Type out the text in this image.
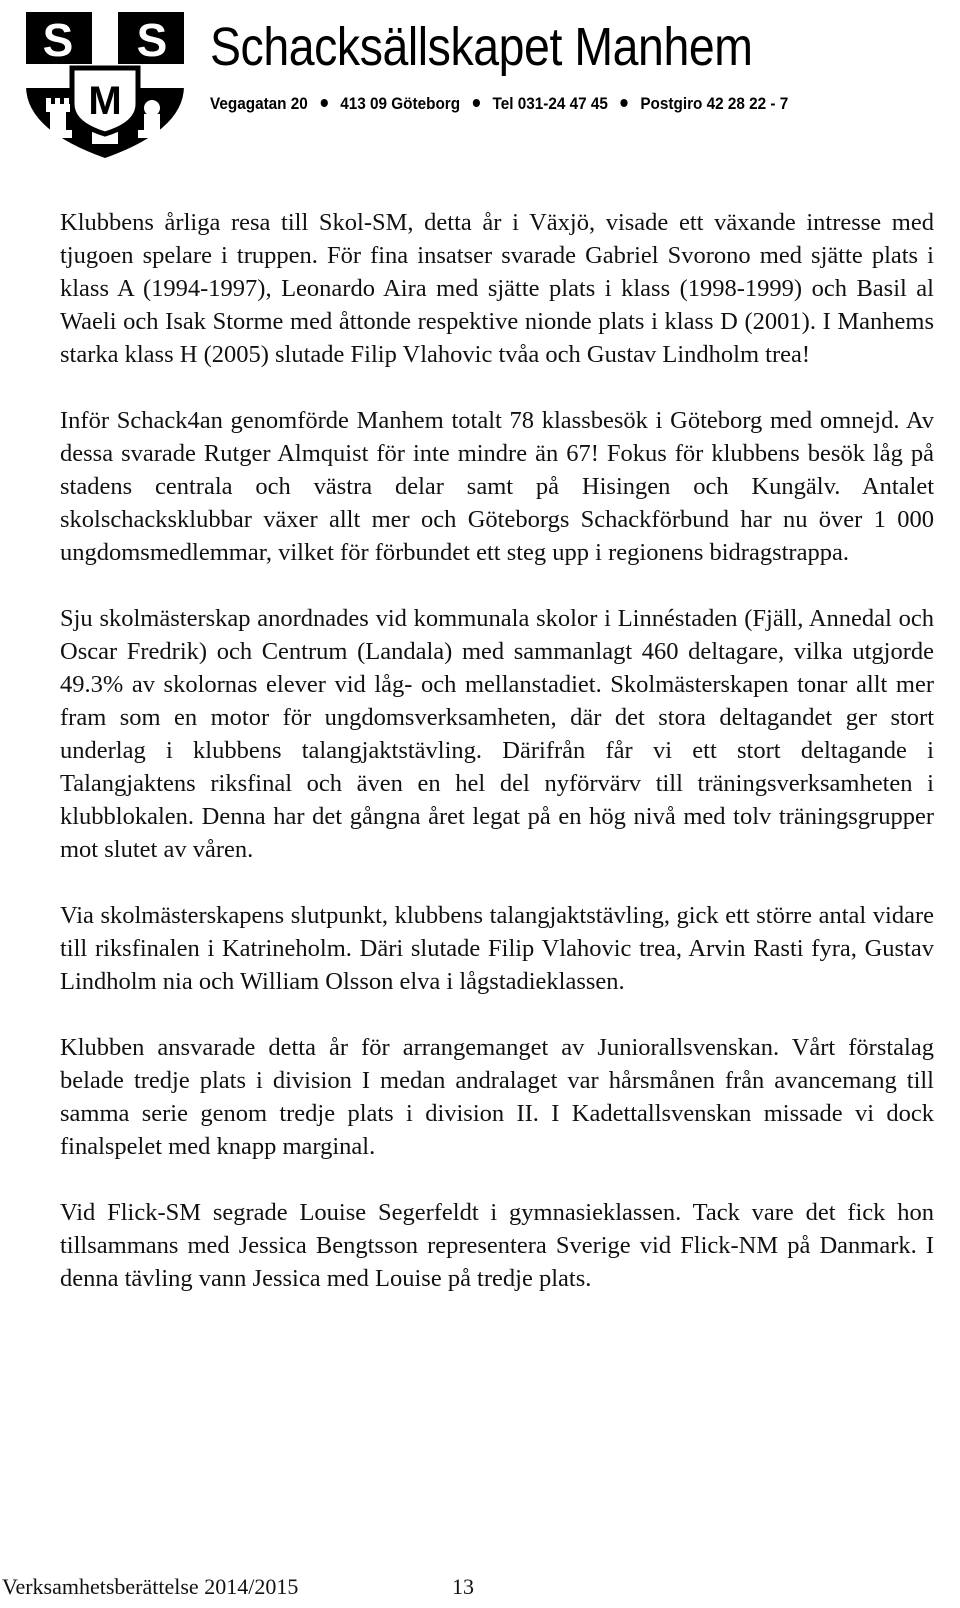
S
M
S Schacksällskapet Manhem
Vegagatan 20 413 09 Göteborg Tel 031-24 47 45 Postgiro 42 28 22 - 7

Klubbens årliga resa till Skol-SM, detta år i Växjö, visade ett växande intresse med tjugoen spelare i truppen. För fina insatser svarade Gabriel Svorono med sjätte plats i klass A (1994-1997), Leonardo Aira med sjätte plats i klass (1998-1999) och Basil al Waeli och Isak Storme med åttonde respektive nionde plats i klass D (2001). I Manhems starka klass H (2005) slutade Filip Vlahovic tvåa och Gustav Lindholm trea!

Inför Schack4an genomförde Manhem totalt 78 klassbesök i Göteborg med omnejd. Av dessa svarade Rutger Almquist för inte mindre än 67! Fokus för klubbens besök låg på stadens centrala och västra delar samt på Hisingen och Kungälv. Antalet skolschacksklubbar växer allt mer och Göteborgs Schackförbund har nu över 1 000 ungdomsmedlemmar, vilket för förbundet ett steg upp i regionens bidragstrappa.

Sju skolmästerskap anordnades vid kommunala skolor i Linnéstaden (Fjäll, Annedal och Oscar Fredrik) och Centrum (Landala) med sammanlagt 460 deltagare, vilka utgjorde 49.3% av skolornas elever vid låg- och mellanstadiet. Skolmästerskapen tonar allt mer fram som en motor för ungdomsverksamheten, där det stora deltagandet ger stort underlag i klubbens talangjaktstävling. Därifrån får vi ett stort deltagande i Talangjaktens riksfinal och även en hel del nyförvärv till träningsverksamheten i klubblokalen. Denna har det gångna året legat på en hög nivå med tolv träningsgrupper mot slutet av våren.

Via skolmästerskapens slutpunkt, klubbens talangjaktstävling, gick ett större antal vidare till riksfinalen i Katrineholm. Däri slutade Filip Vlahovic trea, Arvin Rasti fyra, Gustav Lindholm nia och William Olsson elva i lågstadieklassen.

Klubben ansvarade detta år för arrangemanget av Juniorallsvenskan. Vårt förstalag belade tredje plats i division I medan andralaget var hårsmånen från avancemang till samma serie genom tredje plats i division II. I Kadettallsvenskan missade vi dock finalspelet med knapp marginal.

Vid Flick-SM segrade Louise Segerfeldt i gymnasieklassen. Tack vare det fick hon tillsammans med Jessica Bengtsson representera Sverige vid Flick-NM på Danmark. I denna tävling vann Jessica med Louise på tredje plats.

Verksamhetsberättelse 2014/2015	13
